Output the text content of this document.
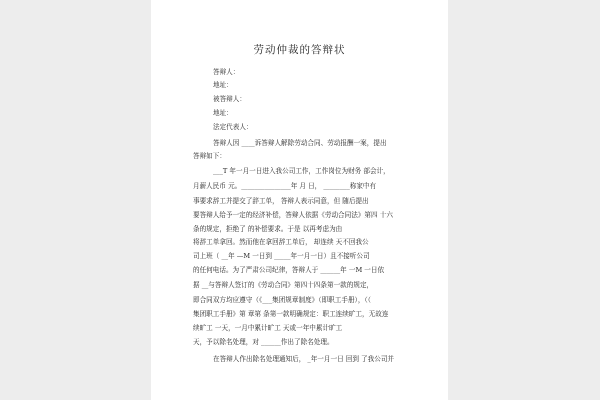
劳动仲裁的答辩状
答辩人：
地址：
被答辩人：
地址：
法定代表人：
答辩人因 ____诉答辩人解除劳动合同、劳动报酬一案，提出
答辩如下：
___T 年一月一日进入我公司工作，工作岗位为财务 部会计，
月薪人民币 元。_______________年 月 日， ________称家中有
事要求辞工并提交了辞工单， 答辩人表示同意，但 随后提出
要答辩人给予一定的经济补偿，答辩人依据《劳动合同法》第四 十六
条的规定，拒绝了 的补偿要求。于是 以再考虑为由
将辞工单拿回。然而他在拿回辞工单后， 却连续 天不回我公
司上班（ __年 —M 一日到 _____年一月一日）且不接听公司
的任何电话。为了严肃公司纪律，答辩人于 ______年 一M 一日依
据 __与答辩人签订的《劳动合同》第四十四条第一款的规定，
即合同双方均应遵守（《___集团规章制度》（即职工手册），（（
集团职工手册》第 章第 条第一款明确规定：职工连续旷工，无故连
续旷工 一天，一月中累计旷工 天或一年中累计旷工
天，予以除名处理，对 ______作出了除名处理。
在答辩人作出除名处理通知后， _年一月一日 回到 了我公司并
